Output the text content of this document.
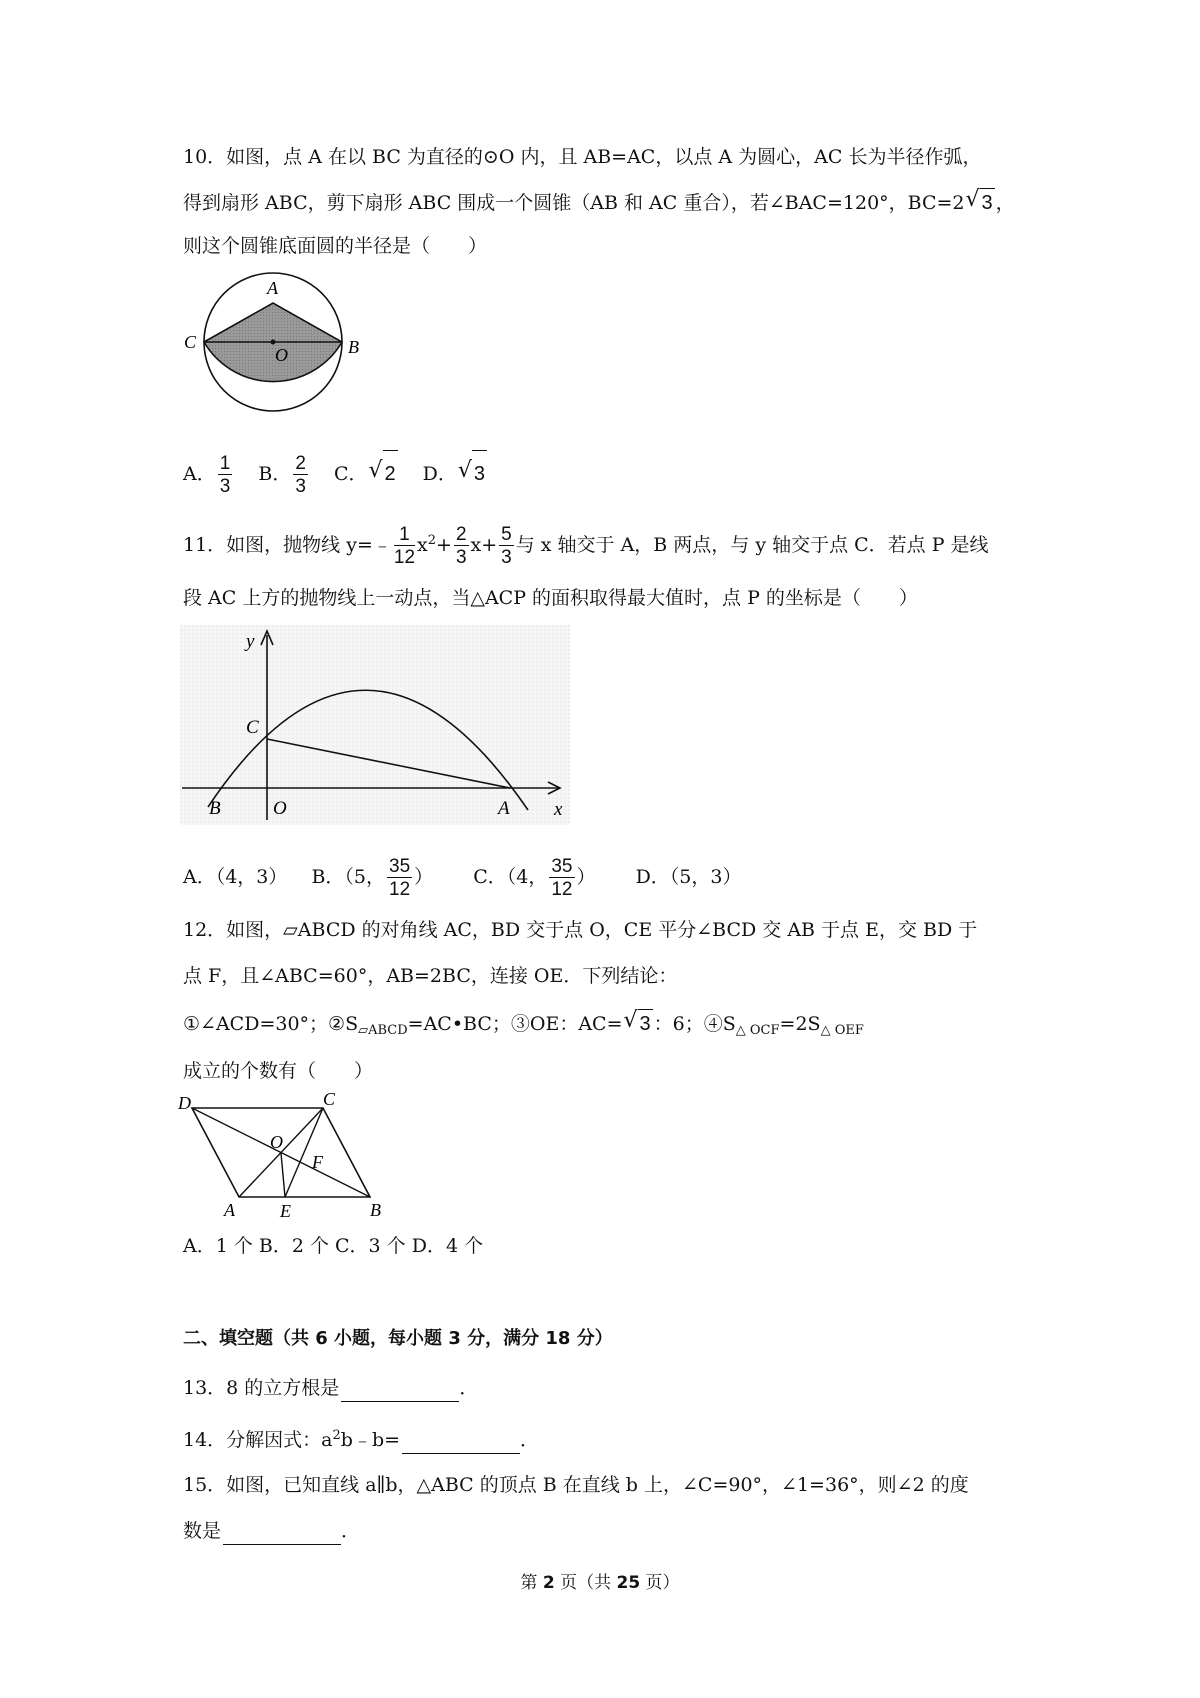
10．如图，点 A 在以 BC 为直径的⊙O 内，且 AB=AC，以点 A 为圆心，AC 长为半径作弧，
得到扇形 ABC，剪下扇形 ABC 围成一个圆锥（AB 和 AC 重合），若∠BAC=120°，BC=2 √ 3 ，
则这个圆锥底面圆的半径是（　　）
A
C	B
O
A． $\frac{1}{3}$ B． $\frac{2}{3}$ C． √ 2 D． √ 3
11．如图，抛物线 y=﹣ $\frac{1}{12} x^2+ \frac{2}{3} x+ \frac{5}{3}$ 与 x 轴交于 A，B 两点，与 y 轴交于点 C．若点 P 是线
段 AC 上方的抛物线上一动点，当△ACP 的面积取得最大值时，点 P 的坐标是（　　）
y
x
C
O
B	A
A．（4，3） B．（5， $\frac{35}{12}$ ） C．（4， $\frac{35}{12}$ ） D．（5，3）
12．如图，▱ABCD 的对角线 AC，BD 交于点 O，CE 平分∠BCD 交 AB 于点 E，交 BD 于
点 F，且∠ABC=60°，AB=2BC，连接 OE．下列结论：
①∠ACD=30°；$②S_{▱ABCD}=AC•BC$；③OE：AC= √ 3 ：6；$④S_{\triangle OCF}=2S_{\triangle OEF}$
成立的个数有（　　）
D	C
O
F
A	E	B
A．1 个 B．2 个 C．3 个 D．4 个
二、填空题（共 6 小题，每小题 3 分，满分 18 分）
13．8 的立方根是	．
14．分解因式：$a^2b﹣b=$	．
15．如图，已知直线 a∥b，△ABC 的顶点 B 在直线 b 上，∠C=90°，∠1=36°，则∠2 的度
数是	．
第 2 页（共 25 页）
